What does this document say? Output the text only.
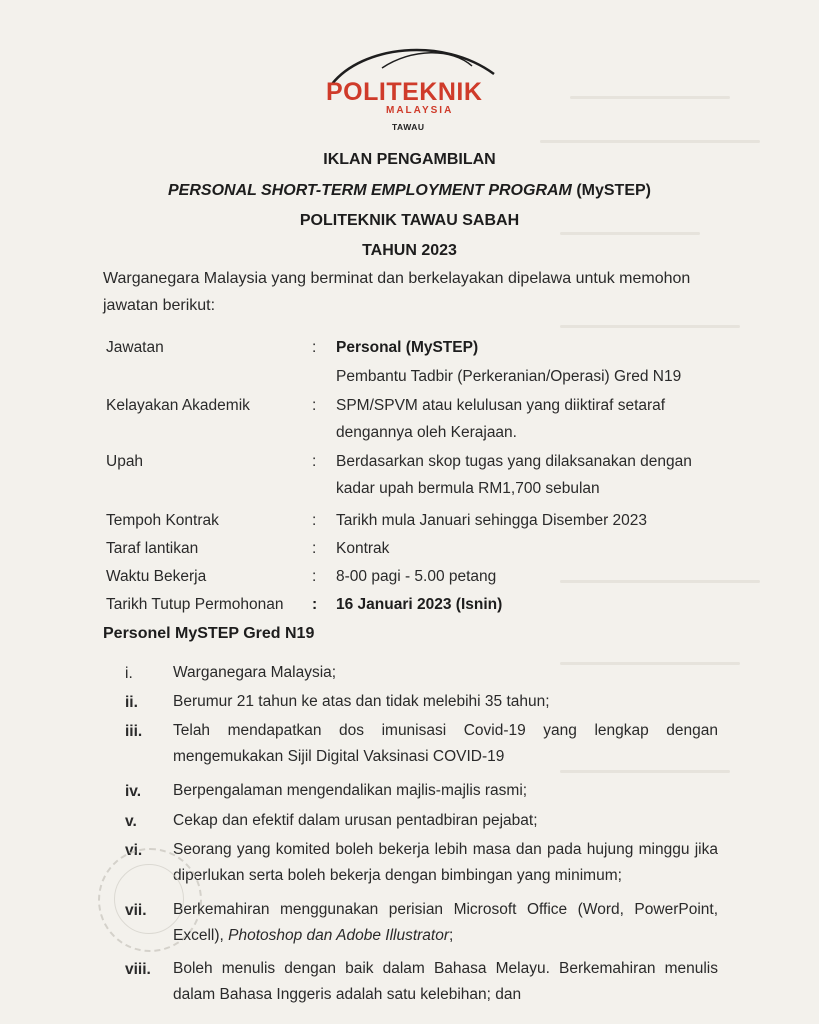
POLITEKNIK
MALAYSIA
TAWAU
IKLAN PENGAMBILAN
PERSONAL SHORT-TERM EMPLOYMENT PROGRAM (MySTEP)
POLITEKNIK TAWAU SABAH
TAHUN 2023
Warganegara Malaysia yang berminat dan berkelayakan dipelawa untuk memohon jawatan berikut:
Jawatan	: Personal (MySTEP)
Pembantu Tadbir (Perkeranian/Operasi) Gred N19
Kelayakan Akademik	: SPM/SPVM atau kelulusan yang diiktiraf setaraf dengannya oleh Kerajaan.
Upah	: Berdasarkan skop tugas yang dilaksanakan dengan kadar upah bermula RM1,700 sebulan
Tempoh Kontrak	: Tarikh mula Januari sehingga Disember 2023
Taraf lantikan	: Kontrak
Waktu Bekerja	: 8-00 pagi - 5.00 petang
Tarikh Tutup Permohonan : 16 Januari 2023 (Isnin)
Personel MySTEP Gred N19
i.	Warganegara Malaysia;
ii. Berumur 21 tahun ke atas dan tidak melebihi 35 tahun;
iii. Telah mendapatkan dos imunisasi Covid-19 yang lengkap dengan mengemukakan Sijil Digital Vaksinasi COVID-19
iv. Berpengalaman mengendalikan majlis-majlis rasmi;
v. Cekap dan efektif dalam urusan pentadbiran pejabat;
vi. Seorang yang komited boleh bekerja lebih masa dan pada hujung minggu jika diperlukan serta boleh bekerja dengan bimbingan yang minimum;
vii. Berkemahiran menggunakan perisian Microsoft Office (Word, PowerPoint, Excell), Photoshop dan Adobe Illustrator;
viii. Boleh menulis dengan baik dalam Bahasa Melayu. Berkemahiran menulis dalam Bahasa Inggeris adalah satu kelebihan; dan
